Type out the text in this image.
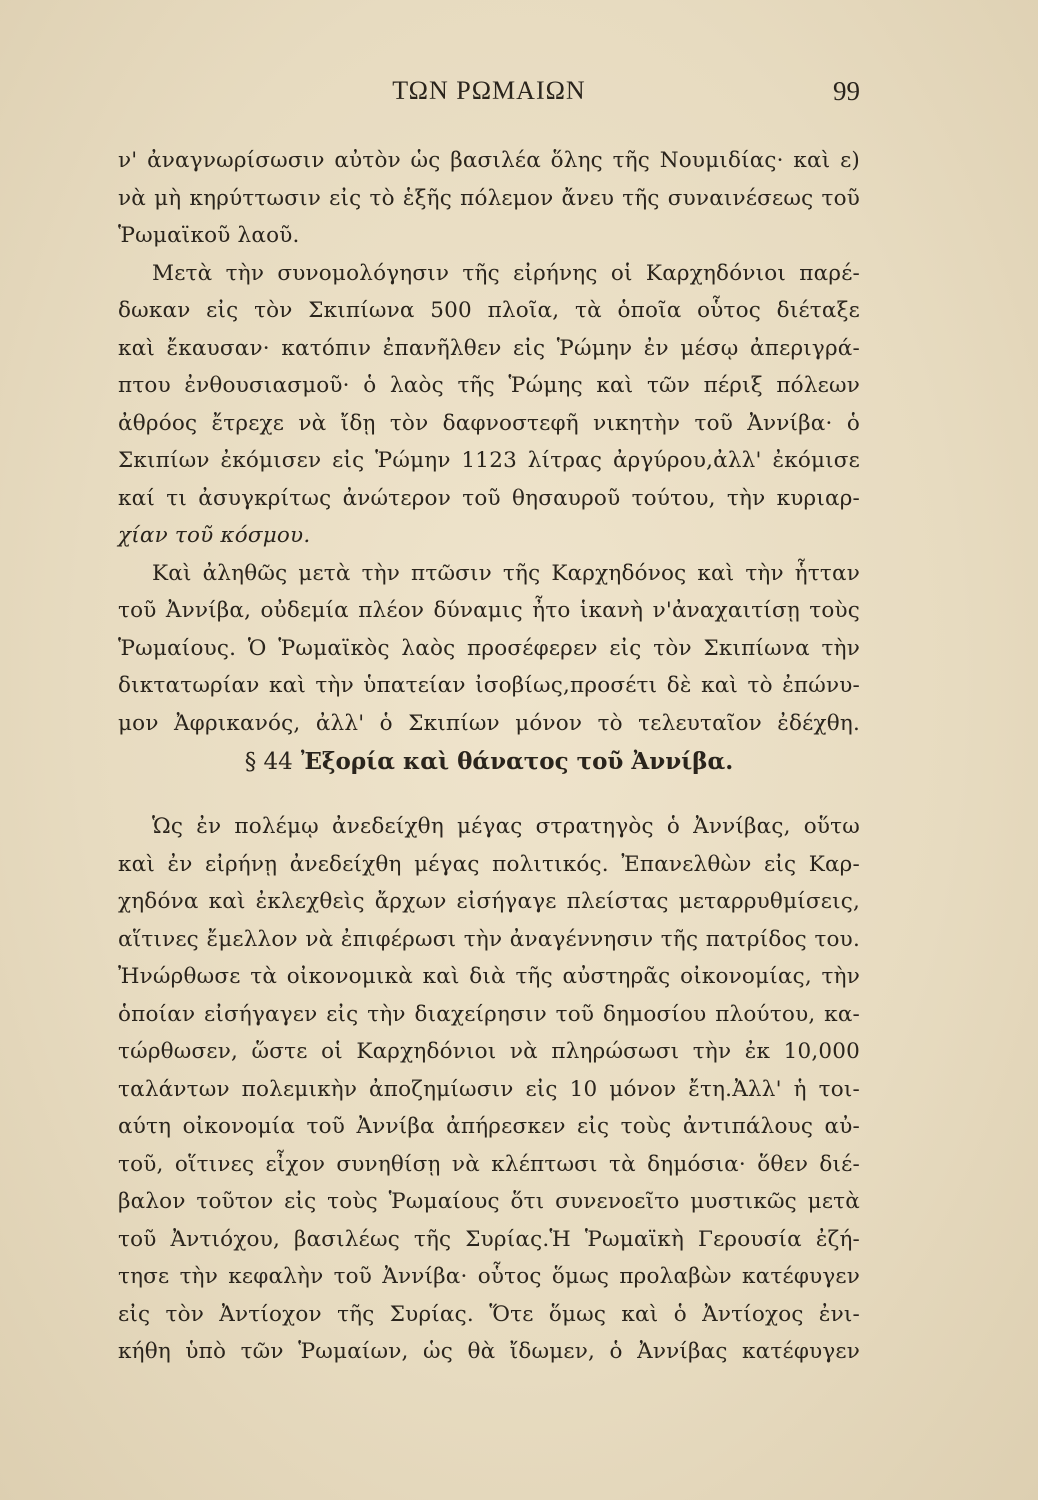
ΤΩΝ ΡΩΜΑΙΩΝ	99
ν' ἀναγνωρίσωσιν αὐτὸν ὡς βασιλέα ὅλης τῆς Νουμιδίας· καὶ ε)
νὰ μὴ κηρύττωσιν εἰς τὸ ἑξῆς πόλεμον ἄνευ τῆς συναινέσεως τοῦ
Ῥωμαϊκοῦ λαοῦ.
Μετὰ τὴν συνομολόγησιν τῆς εἰρήνης οἱ Καρχηδόνιοι παρέ-
δωκαν εἰς τὸν Σκιπίωνα 500 πλοῖα, τὰ ὁποῖα οὗτος διέταξε
καὶ ἔκαυσαν· κατόπιν ἐπανῆλθεν εἰς Ῥώμην ἐν μέσῳ ἀπεριγρά-
πτου ἐνθουσιασμοῦ· ὁ λαὸς τῆς Ῥώμης καὶ τῶν πέριξ πόλεων
ἀθρόος ἔτρεχε νὰ ἴδῃ τὸν δαφνοστεφῆ νικητὴν τοῦ Ἀννίβα· ὁ
Σκιπίων ἐκόμισεν εἰς Ῥώμην 1123 λίτρας ἀργύρου,ἀλλ' ἐκόμισε
καί τι ἀσυγκρίτως ἀνώτερον τοῦ θησαυροῦ τούτου, τὴν κυριαρ-
χίαν τοῦ κόσμου.
Καὶ ἀληθῶς μετὰ τὴν πτῶσιν τῆς Καρχηδόνος καὶ τὴν ἧτταν
τοῦ Ἀννίβα, οὐδεμία πλέον δύναμις ἦτο ἱκανὴ ν'ἀναχαιτίσῃ τοὺς
Ῥωμαίους. Ὁ Ῥωμαϊκὸς λαὸς προσέφερεν εἰς τὸν Σκιπίωνα τὴν
δικτατωρίαν καὶ τὴν ὑπατείαν ἰσοβίως,προσέτι δὲ καὶ τὸ ἐπώνυ-
μον Ἀφρικανός, ἀλλ' ὁ Σκιπίων μόνον τὸ τελευταῖον ἐδέχθη.
§ 44 Ἐξορία καὶ θάνατος τοῦ Ἀννίβα.
Ὡς ἐν πολέμῳ ἀνεδείχθη μέγας στρατηγὸς ὁ Ἀννίβας, οὕτω
καὶ ἐν εἰρήνῃ ἀνεδείχθη μέγας πολιτικός. Ἐπανελθὼν εἰς Καρ-
χηδόνα καὶ ἐκλεχθεὶς ἄρχων εἰσήγαγε πλείστας μεταρρυθμίσεις,
αἵτινες ἔμελλον νὰ ἐπιφέρωσι τὴν ἀναγέννησιν τῆς πατρίδος του.
Ἠνώρθωσε τὰ οἰκονομικὰ καὶ διὰ τῆς αὐστηρᾶς οἰκονομίας, τὴν
ὁποίαν εἰσήγαγεν εἰς τὴν διαχείρησιν τοῦ δημοσίου πλούτου, κα-
τώρθωσεν, ὥστε οἱ Καρχηδόνιοι νὰ πληρώσωσι τὴν ἐκ 10,000
ταλάντων πολεμικὴν ἀποζημίωσιν εἰς 10 μόνον ἔτη.Ἀλλ' ἡ τοι-
αύτη οἰκονομία τοῦ Ἀννίβα ἀπήρεσκεν εἰς τοὺς ἀντιπάλους αὐ-
τοῦ, οἵτινες εἶχον συνηθίσῃ νὰ κλέπτωσι τὰ δημόσια· ὅθεν διέ-
βαλον τοῦτον εἰς τοὺς Ῥωμαίους ὅτι συνενοεῖτο μυστικῶς μετὰ
τοῦ Ἀντιόχου, βασιλέως τῆς Συρίας.Ἡ Ῥωμαϊκὴ Γερουσία ἐζή-
τησε τὴν κεφαλὴν τοῦ Ἀννίβα· οὗτος ὅμως προλαβὼν κατέφυγεν
εἰς τὸν Ἀντίοχον τῆς Συρίας. Ὅτε ὅμως καὶ ὁ Ἀντίοχος ἐνι-
κήθη ὑπὸ τῶν Ῥωμαίων, ὡς θὰ ἴδωμεν, ὁ Ἀννίβας κατέφυγεν
